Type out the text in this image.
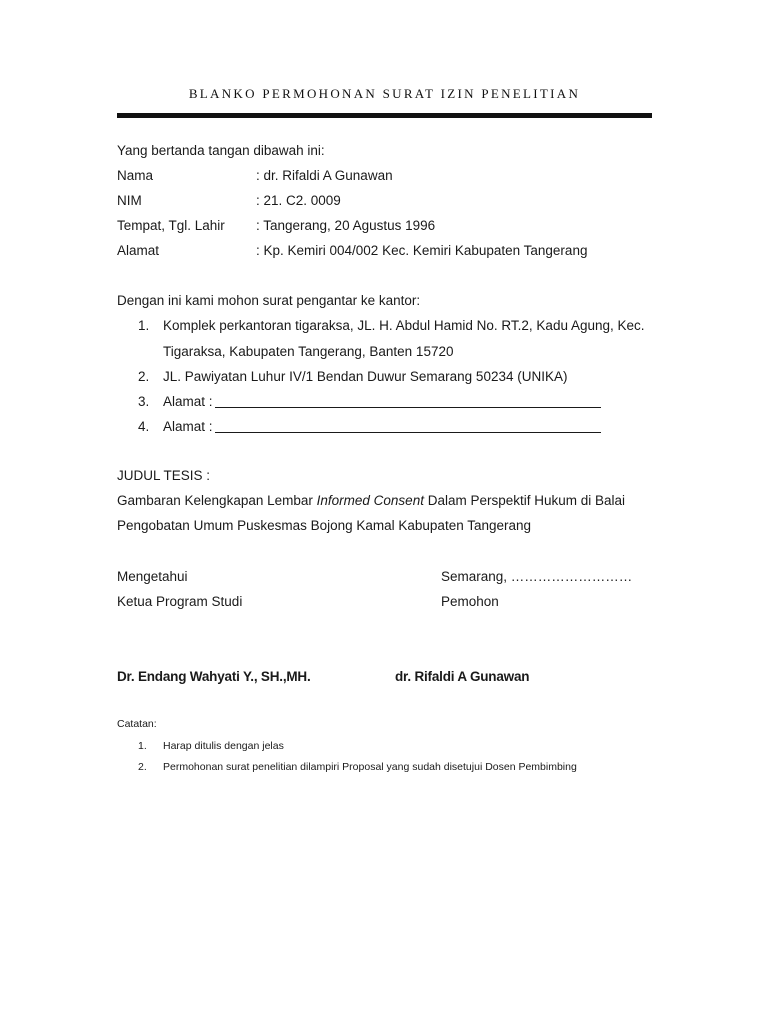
BLANKO PERMOHONAN SURAT IZIN PENELITIAN
Yang bertanda tangan dibawah ini:
Nama	: dr. Rifaldi A Gunawan
NIM	: 21. C2. 0009
Tempat, Tgl. Lahir : Tangerang, 20 Agustus 1996
Alamat	: Kp. Kemiri 004/002 Kec. Kemiri Kabupaten Tangerang
Dengan ini kami mohon surat pengantar ke kantor:
1. Komplek perkantoran tigaraksa, JL. H. Abdul Hamid No. RT.2, Kadu Agung, Kec.
Tigaraksa, Kabupaten Tangerang, Banten 15720
2. JL. Pawiyatan Luhur IV/1 Bendan Duwur Semarang 50234 (UNIKA)
3. Alamat :
4. Alamat :
JUDUL TESIS :
Gambaran Kelengkapan Lembar Informed Consent Dalam Perspektif Hukum di Balai
Pengobatan Umum Puskesmas Bojong Kamal Kabupaten Tangerang
Mengetahui	Semarang, ………………………
Ketua Program Studi	Pemohon
Dr. Endang Wahyati Y., SH.,MH.	dr. Rifaldi A Gunawan
Catatan:
1. Harap ditulis dengan jelas
2. Permohonan surat penelitian dilampiri Proposal yang sudah disetujui Dosen Pembimbing
